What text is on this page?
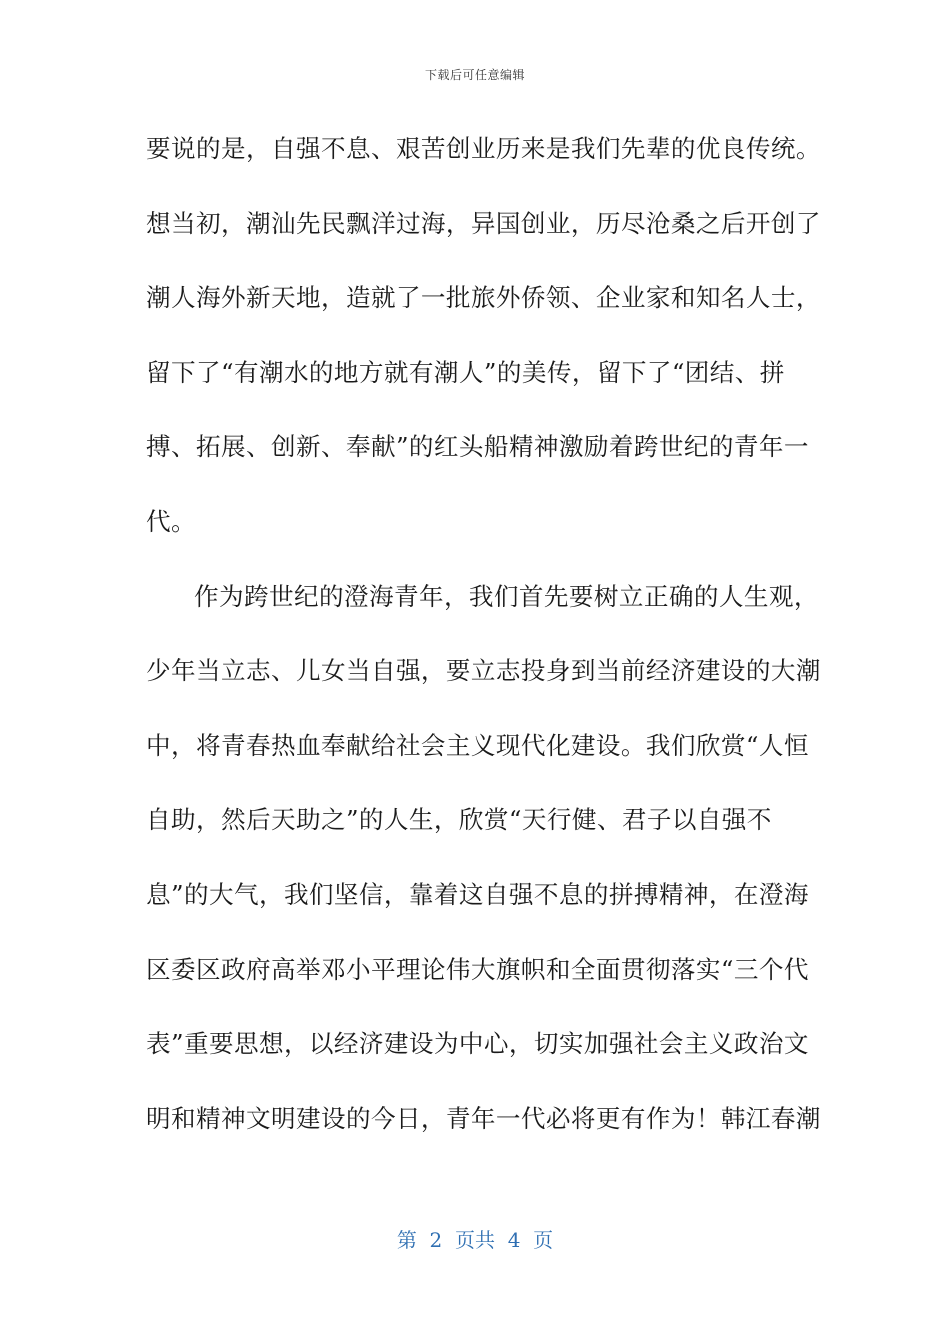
下载后可任意编辑
要说的是，自强不息、艰苦创业历来是我们先辈的优良传统。
想当初，潮汕先民飘洋过海，异国创业，历尽沧桑之后开创了
潮人海外新天地，造就了一批旅外侨领、企业家和知名人士，
留下了“有潮水的地方就有潮人”的美传，留下了“团结、拼
搏、拓展、创新、奉献”的红头船精神激励着跨世纪的青年一
代。
作为跨世纪的澄海青年，我们首先要树立正确的人生观，
少年当立志、儿女当自强，要立志投身到当前经济建设的大潮
中，将青春热血奉献给社会主义现代化建设。我们欣赏“人恒
自助，然后天助之”的人生，欣赏“天行健、君子以自强不
息”的大气，我们坚信，靠着这自强不息的拼搏精神，在澄海
区委区政府高举邓小平理论伟大旗帜和全面贯彻落实“三个代
表”重要思想，以经济建设为中心，切实加强社会主义政治文
明和精神文明建设的今日，青年一代必将更有作为！韩江春潮
第  2  页共  4  页
